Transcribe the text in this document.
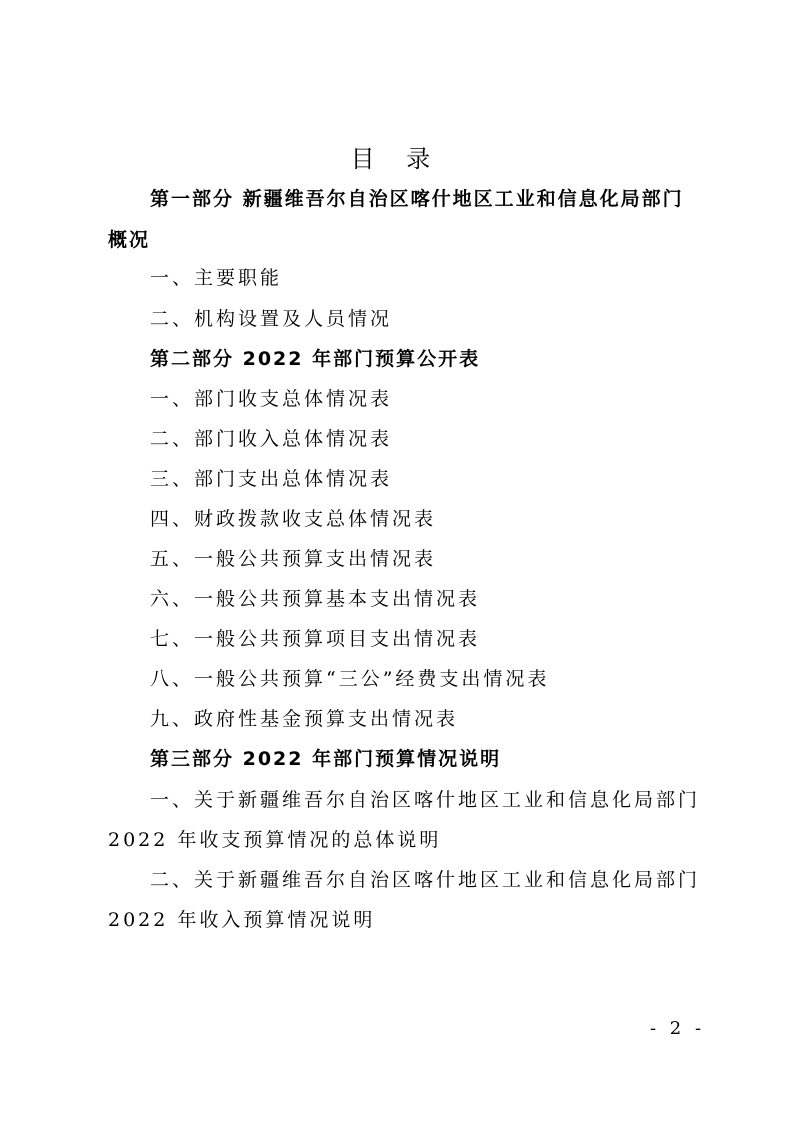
目 录
第一部分 新疆维吾尔自治区喀什地区工业和信息化局部门
概况
一、主要职能
二、机构设置及人员情况
第二部分 2022 年部门预算公开表
一、部门收支总体情况表
二、部门收入总体情况表
三、部门支出总体情况表
四、财政拨款收支总体情况表
五、一般公共预算支出情况表
六、一般公共预算基本支出情况表
七、一般公共预算项目支出情况表
八、一般公共预算“三公”经费支出情况表
九、政府性基金预算支出情况表
第三部分 2022 年部门预算情况说明
一、关于新疆维吾尔自治区喀什地区工业和信息化局部门
2022 年收支预算情况的总体说明
二、关于新疆维吾尔自治区喀什地区工业和信息化局部门
2022 年收入预算情况说明
- 2 -
